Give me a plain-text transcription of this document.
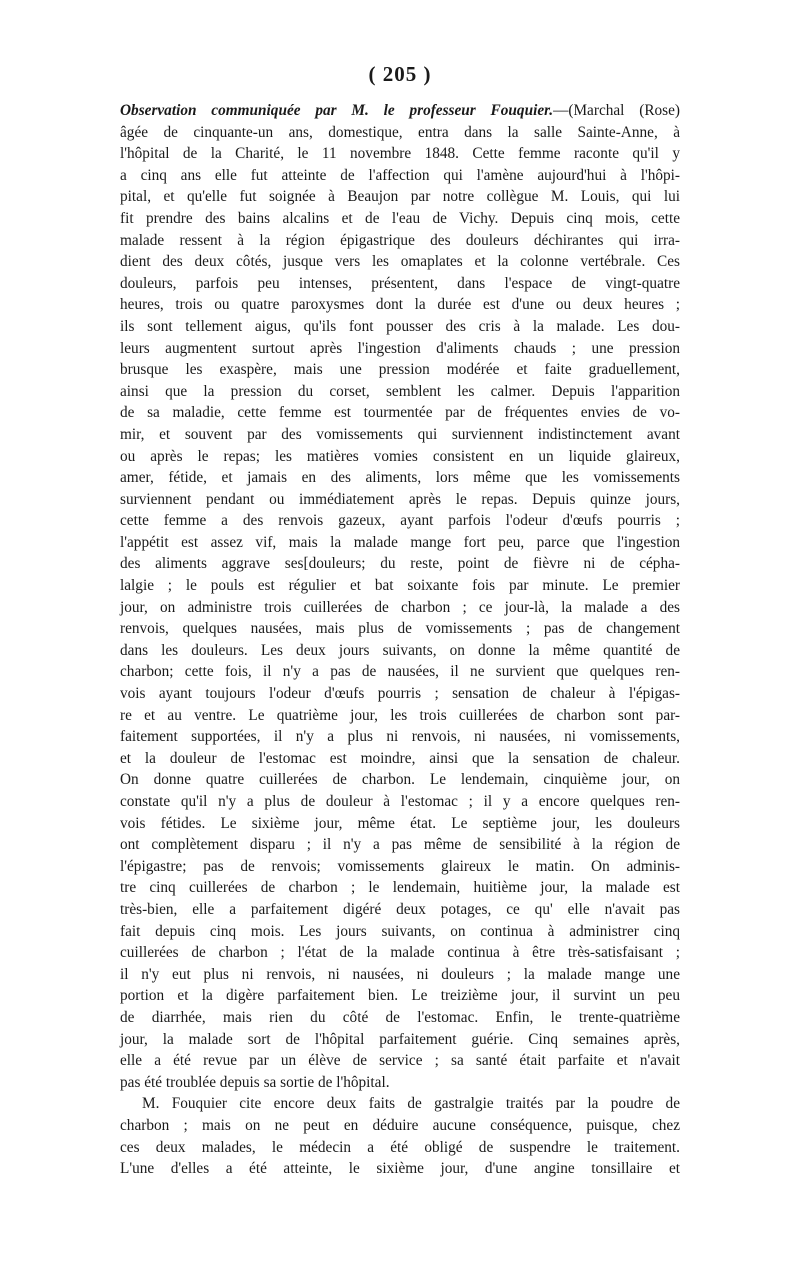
( 205 )
Observation communiquée par M. le professeur Fouquier.—(Marchal (Rose)
âgée de cinquante-un ans, domestique, entra dans la salle Sainte-Anne, à
l'hôpital de la Charité, le 11 novembre 1848. Cette femme raconte qu'il y
a cinq ans elle fut atteinte de l'affection qui l'amène aujourd'hui à l'hôpi-
pital, et qu'elle fut soignée à Beaujon par notre collègue M. Louis, qui lui
fit prendre des bains alcalins et de l'eau de Vichy. Depuis cinq mois, cette
malade ressent à la région épigastrique des douleurs déchirantes qui irra-
dient des deux côtés, jusque vers les omaplates et la colonne vertébrale. Ces
douleurs, parfois peu intenses, présentent, dans l'espace de vingt-quatre
heures, trois ou quatre paroxysmes dont la durée est d'une ou deux heures ;
ils sont tellement aigus, qu'ils font pousser des cris à la malade. Les dou-
leurs augmentent surtout après l'ingestion d'aliments chauds ; une pression
brusque les exaspère, mais une pression modérée et faite graduellement,
ainsi que la pression du corset, semblent les calmer. Depuis l'apparition
de sa maladie, cette femme est tourmentée par de fréquentes envies de vo-
mir, et souvent par des vomissements qui surviennent indistinctement avant
ou après le repas; les matières vomies consistent en un liquide glaireux,
amer, fétide, et jamais en des aliments, lors même que les vomissements
surviennent pendant ou immédiatement après le repas. Depuis quinze jours,
cette femme a des renvois gazeux, ayant parfois l'odeur d'œufs pourris ;
l'appétit est assez vif, mais la malade mange fort peu, parce que l'ingestion
des aliments aggrave ses[douleurs; du reste, point de fièvre ni de cépha-
lalgie ; le pouls est régulier et bat soixante fois par minute. Le premier
jour, on administre trois cuillerées de charbon ; ce jour-là, la malade a des
renvois, quelques nausées, mais plus de vomissements ; pas de changement
dans les douleurs. Les deux jours suivants, on donne la même quantité de
charbon; cette fois, il n'y a pas de nausées, il ne survient que quelques ren-
vois ayant toujours l'odeur d'œufs pourris ; sensation de chaleur à l'épigas-
re et au ventre. Le quatrième jour, les trois cuillerées de charbon sont par-
faitement supportées, il n'y a plus ni renvois, ni nausées, ni vomissements,
et la douleur de l'estomac est moindre, ainsi que la sensation de chaleur.
On donne quatre cuillerées de charbon. Le lendemain, cinquième jour, on
constate qu'il n'y a plus de douleur à l'estomac ; il y a encore quelques ren-
vois fétides. Le sixième jour, même état. Le septième jour, les douleurs
ont complètement disparu ; il n'y a pas même de sensibilité à la région de
l'épigastre; pas de renvois; vomissements glaireux le matin. On adminis-
tre cinq cuillerées de charbon ; le lendemain, huitième jour, la malade est
très-bien, elle a parfaitement digéré deux potages, ce qu' elle n'avait pas
fait depuis cinq mois. Les jours suivants, on continua à administrer cinq
cuillerées de charbon ; l'état de la malade continua à être très-satisfaisant ;
il n'y eut plus ni renvois, ni nausées, ni douleurs ; la malade mange une
portion et la digère parfaitement bien. Le treizième jour, il survint un peu
de diarrhée, mais rien du côté de l'estomac. Enfin, le trente-quatrième
jour, la malade sort de l'hôpital parfaitement guérie. Cinq semaines après,
elle a été revue par un élève de service ; sa santé était parfaite et n'avait
pas été troublée depuis sa sortie de l'hôpital.
M. Fouquier cite encore deux faits de gastralgie traités par la poudre de
charbon ; mais on ne peut en déduire aucune conséquence, puisque, chez
ces deux malades, le médecin a été obligé de suspendre le traitement.
L'une d'elles a été atteinte, le sixième jour, d'une angine tonsillaire et
